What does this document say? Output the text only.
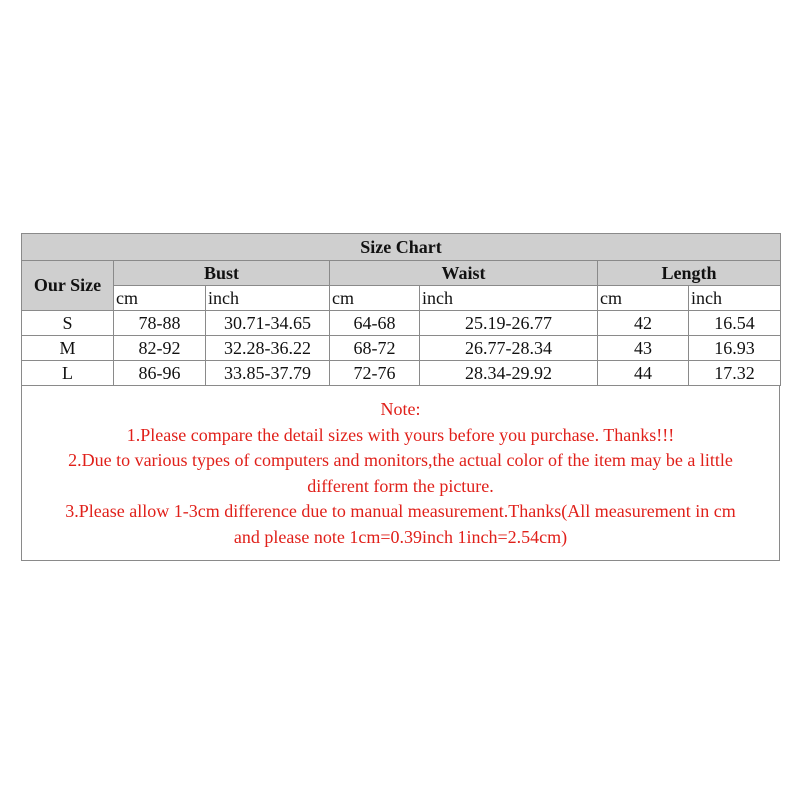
Size Chart						
Our Size	Bust		Waist		Length	
	cm	inch	cm	inch	cm	inch
S	78-88	30.71-34.65	64-68	25.19-26.77	42	16.54
M	82-92	32.28-36.22	68-72	26.77-28.34	43	16.93
L	86-96	33.85-37.79	72-76	28.34-29.92	44	17.32
Note:
1.Please compare the detail sizes with yours before you purchase. Thanks!!!
2.Due to various types of computers and monitors,the actual color of the item may be a little
different form the picture.
3.Please allow 1-3cm difference due to manual measurement.Thanks(All measurement in cm
and please note 1cm=0.39inch 1inch=2.54cm)
